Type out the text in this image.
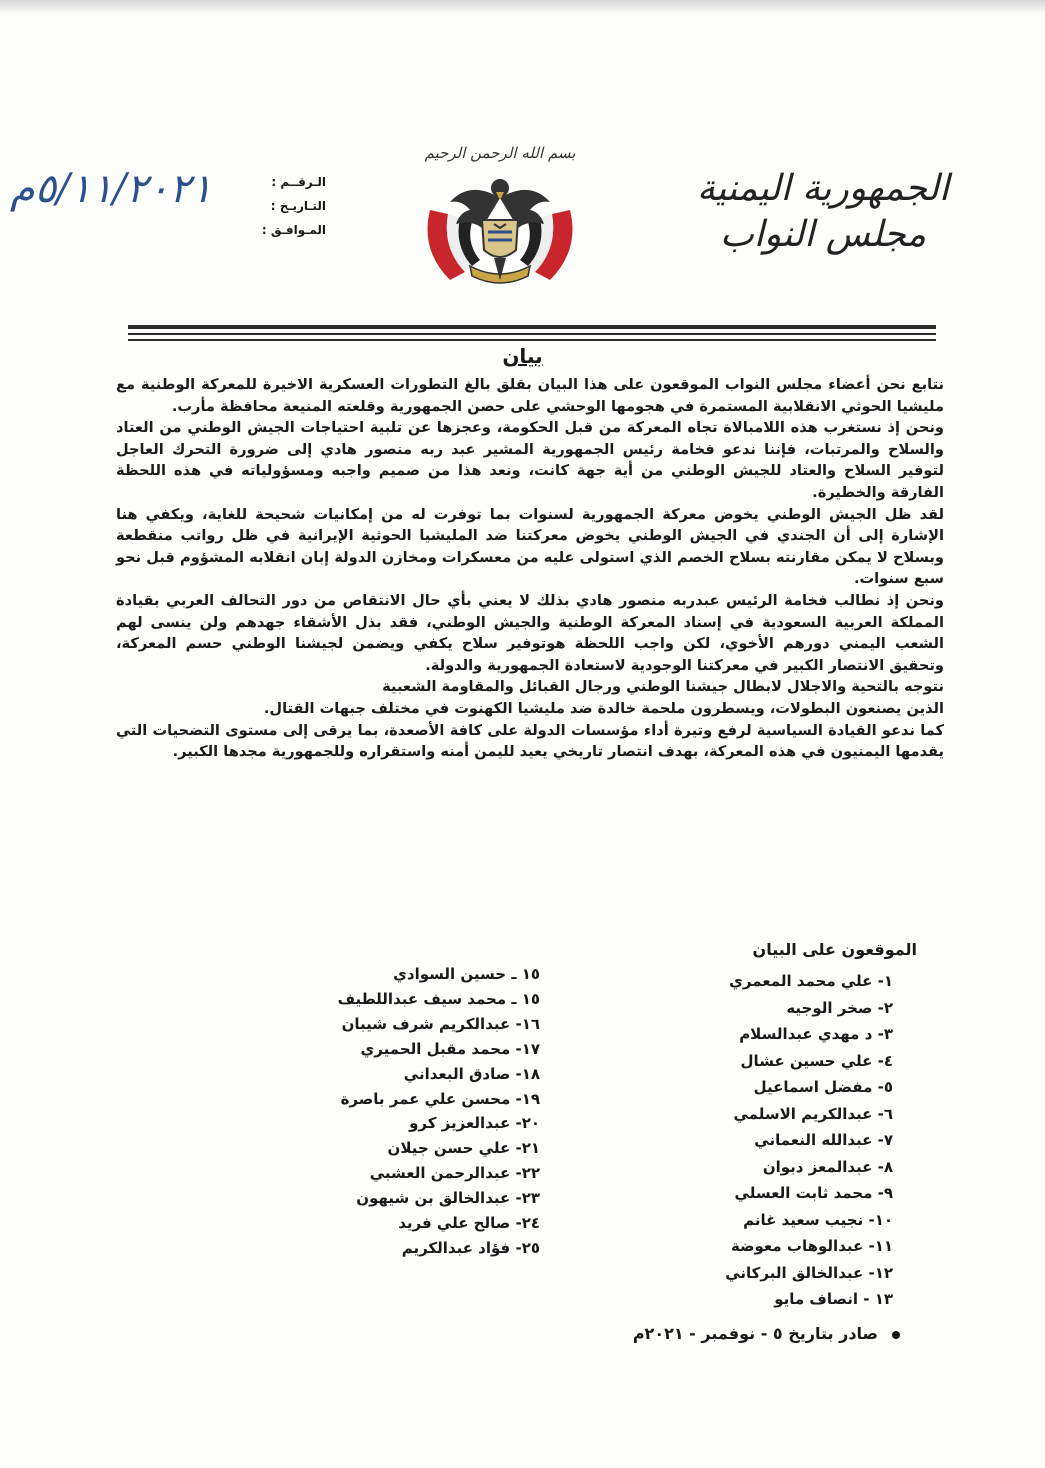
الجمهورية اليمنية
مجلس النواب
بسم الله الرحمن الرحيم
الـرقــم :
التـاريـخ :
المـوافـق :
٥/١١/٢٠٢١م
بيان

نتابع نحن أعضاء مجلس النواب الموقعون على هذا البيان بقلق بالغ التطورات العسكرية الاخيرة للمعركة الوطنية مع مليشيا الحوثي الانقلابية المستمرة في هجومها الوحشي على حصن الجمهورية وقلعته المنيعة محافظة مأرب.

ونحن إذ نستغرب هذه اللامبالاة تجاه المعركة من قبل الحكومة، وعجزها عن تلبية احتياجات الجيش الوطني من العتاد والسلاح والمرتبات، فإننا ندعو فخامة رئيس الجمهورية المشير عبد ربه منصور هادي إلى ضرورة التحرك العاجل لتوفير السلاح والعتاد للجيش الوطني من أية جهة كانت، ونعد هذا من صميم واجبه ومسؤولياته في هذه اللحظة الفارقة والخطيرة.

لقد ظل الجيش الوطني يخوض معركة الجمهورية لسنوات بما توفرت له من إمكانيات شحيحة للغاية، ويكفي هنا الإشارة إلى أن الجندي في الجيش الوطني يخوض معركتنا ضد المليشيا الحوثية الإيرانية في ظل رواتب منقطعة وبسلاح لا يمكن مقارنته بسلاح الخصم الذي استولى عليه من معسكرات ومخازن الدولة إبان انقلابه المشؤوم قبل نحو سبع سنوات.

ونحن إذ نطالب فخامة الرئيس عبدربه منصور هادي بذلك لا يعني بأي حال الانتقاص من دور التحالف العربي بقيادة المملكة العربية السعودية في إسناد المعركة الوطنية والجيش الوطني، فقد بذل الأشقاء جهدهم ولن ينسى لهم الشعب اليمني دورهم الأخوي، لكن واجب اللحظة هوتوفير سلاح يكفي ويضمن لجيشنا الوطني حسم المعركة، وتحقيق الانتصار الكبير في معركتنا الوجودية لاستعادة الجمهورية والدولة.

نتوجه بالتحية والاجلال لابطال جيشنا الوطني ورجال القبائل والمقاومة الشعبية

الذين يصنعون البطولات، ويسطرون ملحمة خالدة ضد مليشيا الكهنوت في مختلف جبهات القتال.

كما ندعو القيادة السياسية لرفع وتيرة أداء مؤسسات الدولة على كافة الأصعدة، بما يرقى إلى مستوى التضحيات التي يقدمها اليمنيون في هذه المعركة، بهدف انتصار تاريخي يعيد لليمن أمنه واستقراره وللجمهورية مجدها الكبير.

الموقعون على البيان
١- علي محمد المعمري
٢- صخر الوجيه
٣- د مهدي عبدالسلام
٤- علي حسين عشال
٥- مفضل اسماعيل
٦- عبدالكريم الاسلمي
٧- عبدالله النعماني
٨- عبدالمعز دبوان
٩- محمد ثابت العسلي
١٠- نجيب سعيد غانم
١١- عبدالوهاب معوضة
١٢- عبدالخالق البركاني
١٣ - انصاف مايو
١٥ ـ حسين السوادي
١٥ ـ محمد سيف عبداللطيف
١٦- عبدالكريم شرف شيبان
١٧- محمد مقبل الحميري
١٨- صادق البعداني
١٩- محسن علي عمر باصرة
٢٠- عبدالعزيز كرو
٢١- علي حسن جيلان
٢٢- عبدالرحمن العشبي
٢٣- عبدالخالق بن شيهون
٢٤- صالح علي فريد
٢٥- فؤاد عبدالكريم
صادر بتاريخ ٥ - نوفمبر - ٢٠٢١م
